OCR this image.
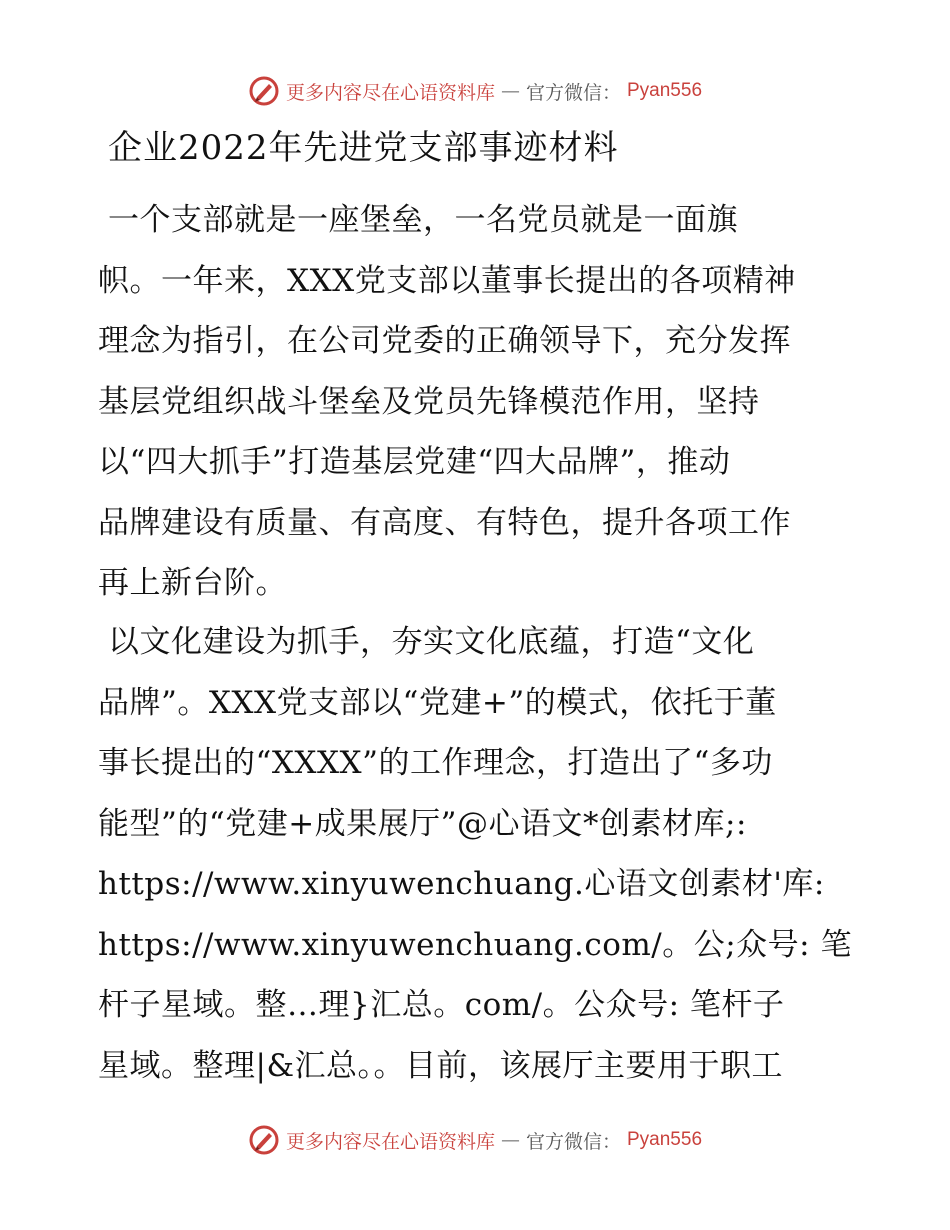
更多内容尽在心语资料库 — 官方微信： Pyan556
企业2022年先进党支部事迹材料
一个支部就是一座堡垒，一名党员就是一面旗
帜。一年来，XXX党支部以董事长提出的各项精神
理念为指引，在公司党委的正确领导下，充分发挥
基层党组织战斗堡垒及党员先锋模范作用，坚持
以“四大抓手”打造基层党建“四大品牌”，推动
品牌建设有质量、有高度、有特色，提升各项工作
再上新台阶。
以文化建设为抓手，夯实文化底蕴，打造“文化
品牌”。XXX党支部以“党建+”的模式，依托于董
事长提出的“XXXX”的工作理念，打造出了“多功
能型”的“党建+成果展厅”@心语文*创素材库;:
https://www.xinyuwenchuang.心语文创素材'库:
https://www.xinyuwenchuang.com/。公;众号: 笔
杆子星域。整…理}汇总。com/。公众号: 笔杆子
星域。整理|&汇总。。目前，该展厅主要用于职工
更多内容尽在心语资料库 — 官方微信： Pyan556
